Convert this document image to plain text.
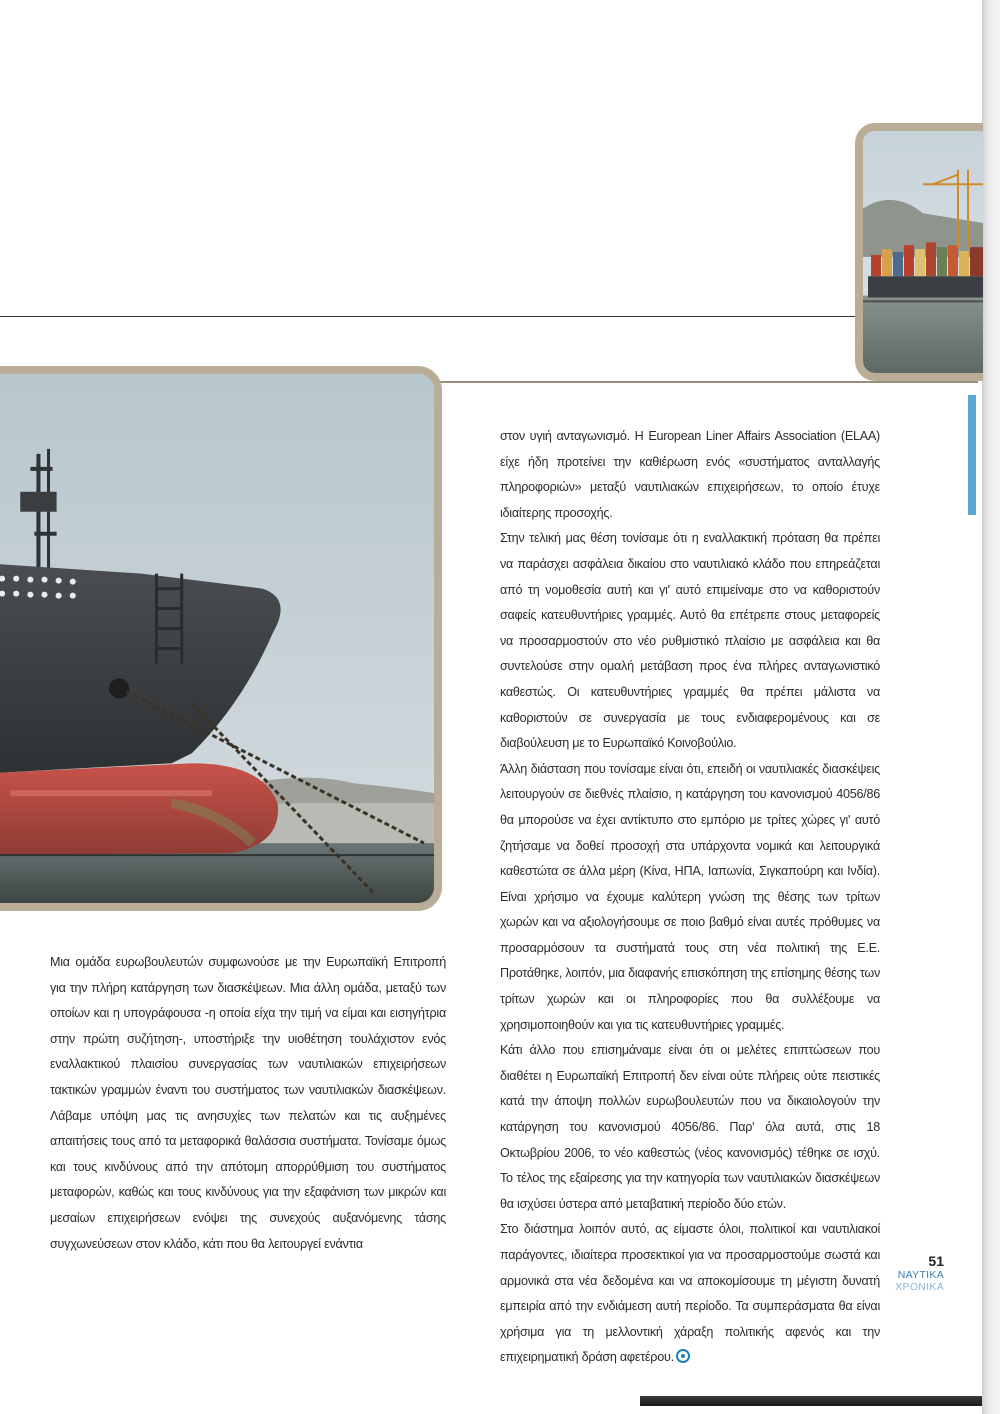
Μια ομάδα ευρωβουλευτών συμφωνούσε με την Ευρωπαϊκή Επιτροπή για την πλήρη κατάργηση των διασκέψεων. Μια άλλη ομάδα, μεταξύ των οποίων και η υπογράφουσα -η οποία είχα την τιμή να είμαι και εισηγήτρια στην πρώτη συζήτηση-, υποστήριξε την υιοθέτηση τουλάχιστον ενός εναλλακτικού πλαισίου συνεργασίας των ναυτιλιακών επιχειρήσεων τακτικών γραμμών έναντι του συστήματος των ναυτιλιακών διασκέψεων. Λάβαμε υπόψη μας τις ανησυχίες των πελατών και τις αυξημένες απαιτήσεις τους από τα μεταφορικά θαλάσσια συστήματα. Τονίσαμε όμως και τους κινδύνους από την απότομη απορρύθμιση του συστήματος μεταφορών, καθώς και τους κινδύνους για την εξαφάνιση των μικρών και μεσαίων επιχειρήσεων ενόψει της συνεχούς αυξανόμενης τάσης συγχωνεύσεων στον κλάδο, κάτι που θα λειτουργεί ενάντια

στον υγιή ανταγωνισμό. Η European Liner Affairs Association (ELAA) είχε ήδη προτείνει την καθιέρωση ενός «συστήματος ανταλλαγής πληροφοριών» μεταξύ ναυτιλιακών επιχειρήσεων, το οποίο έτυχε ιδιαίτερης προσοχής.

Στην τελική μας θέση τονίσαμε ότι η εναλλακτική πρόταση θα πρέπει να παράσχει ασφάλεια δικαίου στο ναυτιλιακό κλάδο που επηρεάζεται από τη νομοθεσία αυτή και γι' αυτό επιμείναμε στο να καθοριστούν σαφείς κατευθυντήριες γραμμές. Αυτό θα επέτρεπε στους μεταφορείς να προσαρμοστούν στο νέο ρυθμιστικό πλαίσιο με ασφάλεια και θα συντελούσε στην ομαλή μετάβαση προς ένα πλήρες ανταγωνιστικό καθεστώς. Οι κατευθυντήριες γραμμές θα πρέπει μάλιστα να καθοριστούν σε συνεργασία με τους ενδιαφερομένους και σε διαβούλευση με το Ευρωπαϊκό Κοινοβούλιο.

Άλλη διάσταση που τονίσαμε είναι ότι, επειδή οι ναυτιλιακές διασκέψεις λειτουργούν σε διεθνές πλαίσιο, η κατάργηση του κανονισμού 4056/86 θα μπορούσε να έχει αντίκτυπο στο εμπόριο με τρίτες χώρες γι' αυτό ζητήσαμε να δοθεί προσοχή στα υπάρχοντα νομικά και λειτουργικά καθεστώτα σε άλλα μέρη (Κίνα, ΗΠΑ, Ιαπωνία, Σιγκαπούρη και Ινδία). Είναι χρήσιμο να έχουμε καλύτερη γνώση της θέσης των τρίτων χωρών και να αξιολογήσουμε σε ποιο βαθμό είναι αυτές πρόθυμες να προσαρμόσουν τα συστήματά τους στη νέα πολιτική της Ε.Ε. Προτάθηκε, λοιπόν, μια διαφανής επισκόπηση της επίσημης θέσης των τρίτων χωρών και οι πληροφορίες που θα συλλέξουμε να χρησιμοποιηθούν και για τις κατευθυντήριες γραμμές.

Κάτι άλλο που επισημάναμε είναι ότι οι μελέτες επιπτώσεων που διαθέτει η Ευρωπαϊκή Επιτροπή δεν είναι ούτε πλήρεις ούτε πειστικές κατά την άποψη πολλών ευρωβουλευτών που να δικαιολογούν την κατάργηση του κανονισμού 4056/86. Παρ' όλα αυτά, στις 18 Οκτωβρίου 2006, το νέο καθεστώς (νέος κανονισμός) τέθηκε σε ισχύ. Το τέλος της εξαίρεσης για την κατηγορία των ναυτιλιακών διασκέψεων θα ισχύσει ύστερα από μεταβατική περίοδο δύο ετών.

Στο διάστημα λοιπόν αυτό, ας είμαστε όλοι, πολιτικοί και ναυτιλιακοί παράγοντες, ιδιαίτερα προσεκτικοί για να προσαρμοστούμε σωστά και αρμονικά στα νέα δεδομένα και να αποκομίσουμε τη μέγιστη δυνατή εμπειρία από την ενδιάμεση αυτή περίοδο. Τα συμπεράσματα θα είναι χρήσιμα για τη μελλοντική χάραξη πολιτικής αφενός και την επιχειρηματική δράση αφετέρου.

51
ΝΑΥΤΙΚΑ
ΧΡΟΝΙΚΑ
